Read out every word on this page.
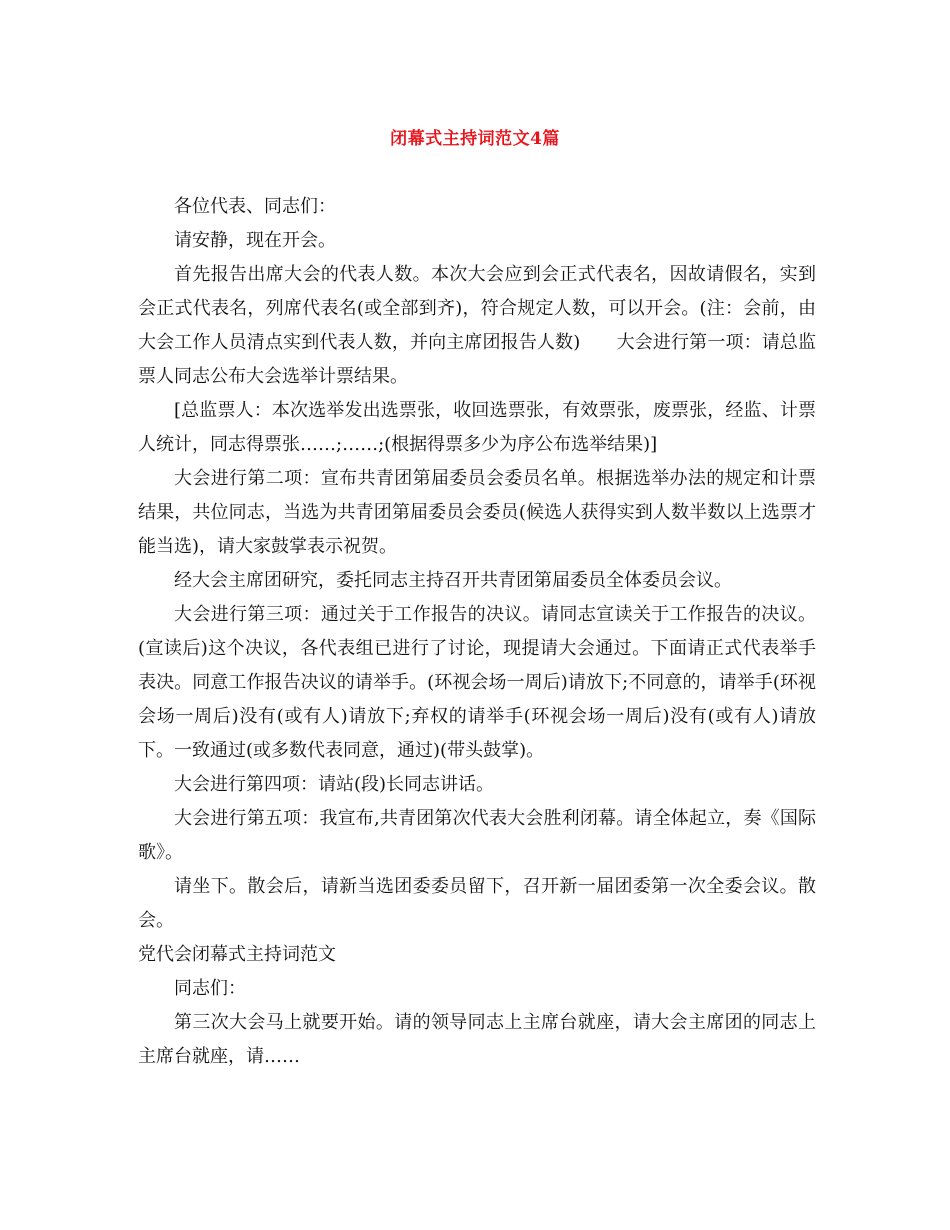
闭幕式主持词范文4篇

各位代表、同志们：

请安静，现在开会。

首先报告出席大会的代表人数。本次大会应到会正式代表名，因故请假名，实到会正式代表名，列席代表名(或全部到齐)，符合规定人数，可以开会。(注：会前，由大会工作人员清点实到代表人数，并向主席团报告人数)　　大会进行第一项：请总监票人同志公布大会选举计票结果。

[总监票人：本次选举发出选票张，收回选票张，有效票张，废票张，经监、计票人统计，同志得票张……;……;(根据得票多少为序公布选举结果)]

大会进行第二项：宣布共青团第届委员会委员名单。根据选举办法的规定和计票结果，共位同志，当选为共青团第届委员会委员(候选人获得实到人数半数以上选票才能当选)，请大家鼓掌表示祝贺。

经大会主席团研究，委托同志主持召开共青团第届委员全体委员会议。

大会进行第三项：通过关于工作报告的决议。请同志宣读关于工作报告的决议。(宣读后)这个决议，各代表组已进行了讨论，现提请大会通过。下面请正式代表举手表决。同意工作报告决议的请举手。(环视会场一周后)请放下;不同意的，请举手(环视会场一周后)没有(或有人)请放下;弃权的请举手(环视会场一周后)没有(或有人)请放下。一致通过(或多数代表同意，通过)(带头鼓掌)。

大会进行第四项：请站(段)长同志讲话。

大会进行第五项：我宣布,共青团第次代表大会胜利闭幕。请全体起立，奏《国际歌》。

请坐下。散会后，请新当选团委委员留下，召开新一届团委第一次全委会议。散会。

党代会闭幕式主持词范文

同志们：

第三次大会马上就要开始。请的领导同志上主席台就座，请大会主席团的同志上主席台就座，请……
